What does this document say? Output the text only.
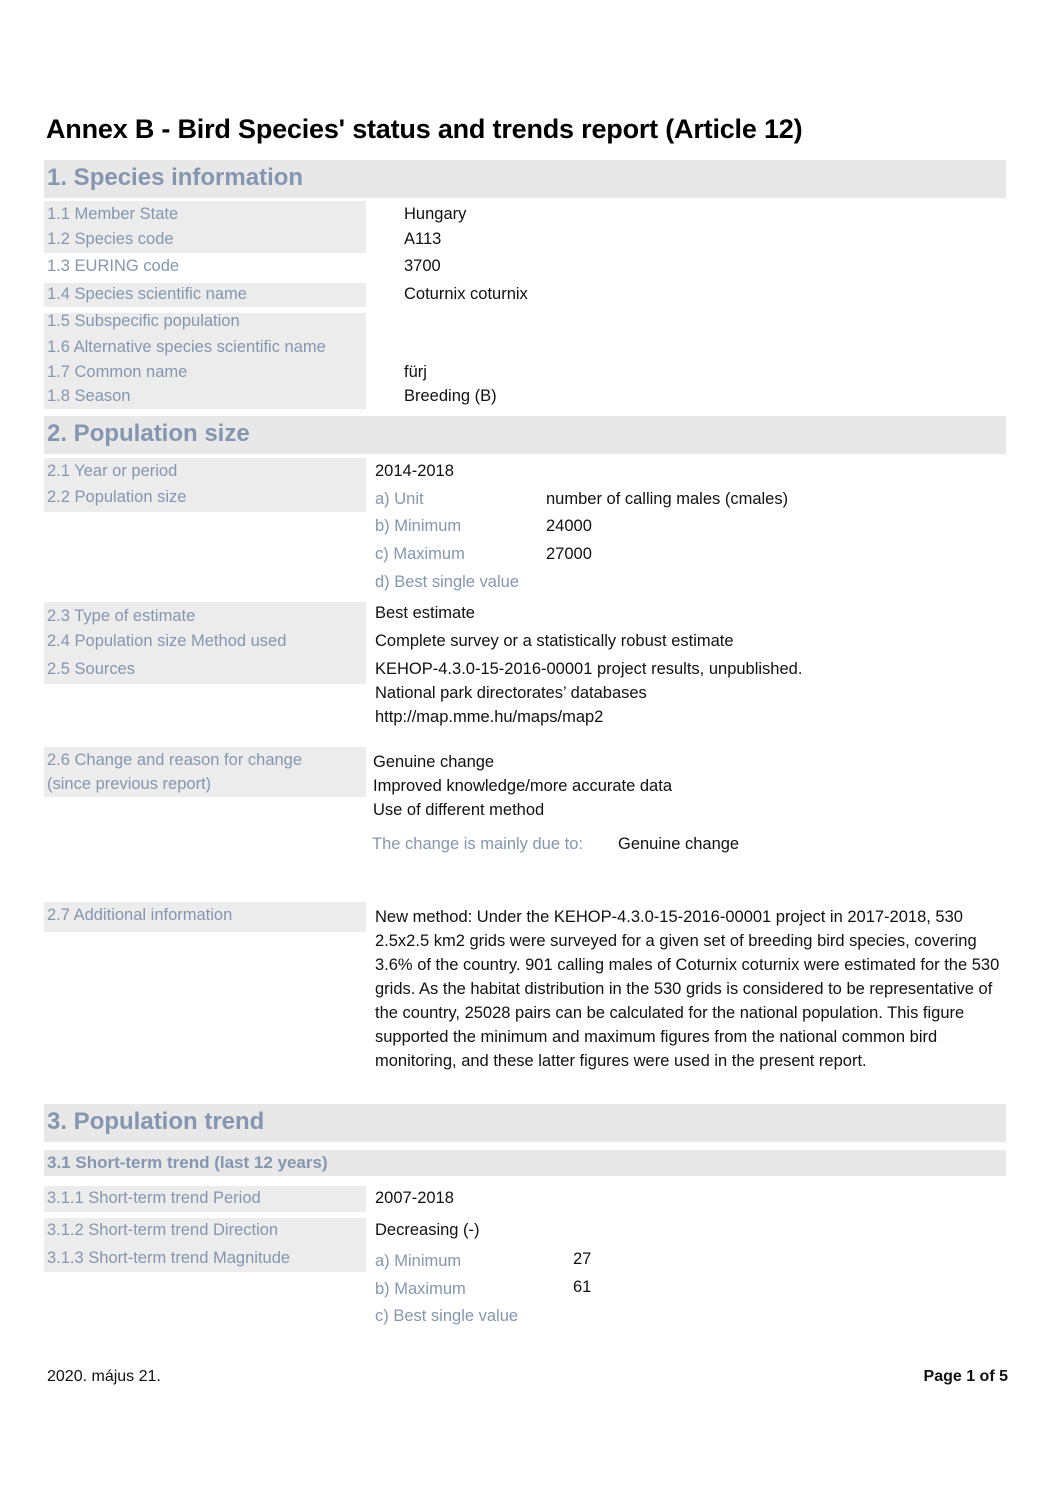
Annex B - Bird Species' status and trends report (Article 12)
1. Species information
1.1 Member State	Hungary
1.2 Species code	A113
1.3 EURING code	3700
1.4 Species scientific name	Coturnix coturnix
1.5 Subspecific population
1.6 Alternative species scientific name
1.7 Common name	fürj
1.8 Season	Breeding (B)
2. Population size
2.1 Year or period	2014-2018
2.2 Population size	a) Unit	number of calling males (cmales)
b) Minimum	24000
c) Maximum	27000
d) Best single value
2.3 Type of estimate	Best estimate
2.4 Population size Method used	Complete survey or a statistically robust estimate
2.5 Sources	KEHOP-4.3.0-15-2016-00001 project results, unpublished.
National park directorates’ databases
http://map.mme.hu/maps/map2
2.6 Change and reason for change
(since previous report)
Genuine change
Improved knowledge/more accurate data
Use of different method
The change is mainly due to: Genuine change
2.7 Additional information	New method: Under the KEHOP-4.3.0-15-2016-00001 project in 2017-2018, 530 2.5x2.5 km2 grids were surveyed for a given set of breeding bird species, covering 3.6% of the country. 901 calling males of Coturnix coturnix were estimated for the 530 grids. As the habitat distribution in the 530 grids is considered to be representative of the country, 25028 pairs can be calculated for the national population. This figure supported the minimum and maximum figures from the national common bird monitoring, and these latter figures were used in the present report.
3. Population trend
3.1 Short-term trend (last 12 years)
3.1.1 Short-term trend Period	2007-2018
3.1.2 Short-term trend Direction	Decreasing (-)
3.1.3 Short-term trend Magnitude	a) Minimum	27
b) Maximum	61
c) Best single value
2020. május 21.	Page 1 of 5
